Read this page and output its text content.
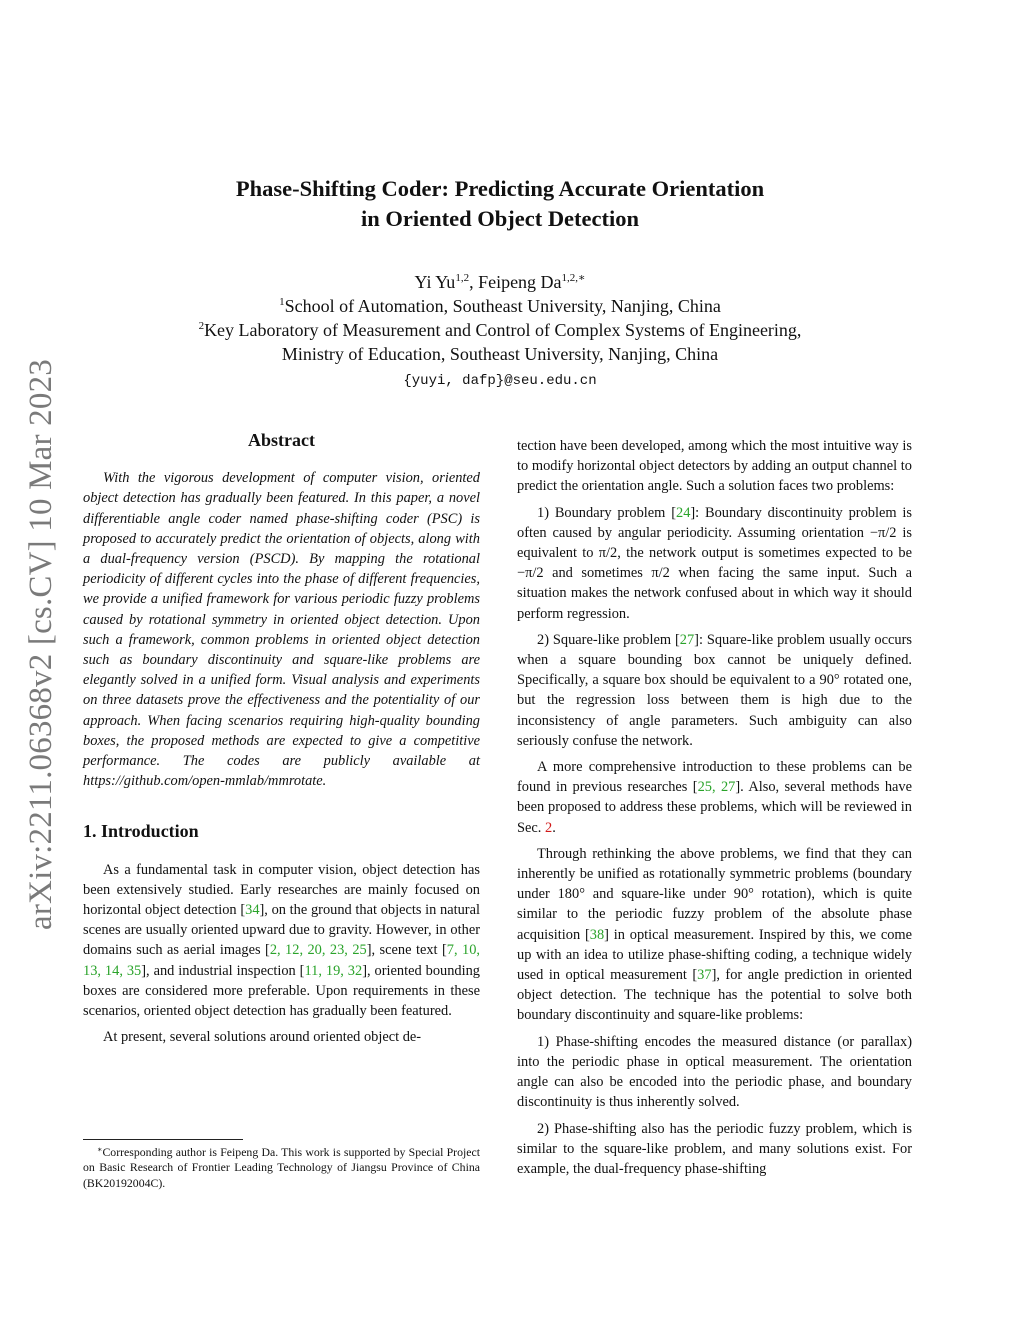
arXiv:2211.06368v2 [cs.CV] 10 Mar 2023
Phase-Shifting Coder: Predicting Accurate Orientation
in Oriented Object Detection
Yi Yu$^{1,2}$, Feipeng $Da^{1,2,∗}$
$^1$School of Automation, Southeast University, Nanjing, China
$^2$Key Laboratory of Measurement and Control of Complex Systems of Engineering,
Ministry of Education, Southeast University, Nanjing, China
{yuyi, dafp}@seu.edu.cn
Abstract

With the vigorous development of computer vision, oriented object detection has gradually been featured. In this paper, a novel differentiable angle coder named phase-shifting coder (PSC) is proposed to accurately predict the orientation of objects, along with a dual-frequency version (PSCD). By mapping the rotational periodicity of different cycles into the phase of different frequencies, we provide a unified framework for various periodic fuzzy problems caused by rotational symmetry in oriented object detection. Upon such a framework, common problems in oriented object detection such as boundary discontinuity and square-like problems are elegantly solved in a unified form. Visual analysis and experiments on three datasets prove the effectiveness and the potentiality of our approach. When facing scenarios requiring high-quality bounding boxes, the proposed methods are expected to give a competitive performance. The codes are publicly available at https://github.com/open-mmlab/mmrotate.

1. Introduction

As a fundamental task in computer vision, object detection has been extensively studied. Early researches are mainly focused on horizontal object detection [34], on the ground that objects in natural scenes are usually oriented upward due to gravity. However, in other domains such as aerial images [2, 12, 20, 23, 25], scene text [7, 10, 13, 14, 35], and industrial inspection [11, 19, 32], oriented bounding boxes are considered more preferable. Upon requirements in these scenarios, oriented object detection has gradually been featured.

At present, several solutions around oriented object de-

∗Corresponding author is Feipeng Da. This work is supported by Special Project on Basic Research of Frontier Leading Technology of Jiangsu Province of China (BK20192004C).

tection have been developed, among which the most intuitive way is to modify horizontal object detectors by adding an output channel to predict the orientation angle. Such a solution faces two problems:

1) Boundary problem [24]: Boundary discontinuity problem is often caused by angular periodicity. Assuming orientation −π/2 is equivalent to π/2, the network output is sometimes expected to be −π/2 and sometimes π/2 when facing the same input. Such a situation makes the network confused about in which way it should perform regression.

2) Square-like problem [27]: Square-like problem usually occurs when a square bounding box cannot be uniquely defined. Specifically, a square box should be equivalent to a 90° rotated one, but the regression loss between them is high due to the inconsistency of angle parameters. Such ambiguity can also seriously confuse the network.

A more comprehensive introduction to these problems can be found in previous researches [25, 27]. Also, several methods have been proposed to address these problems, which will be reviewed in Sec. 2.

Through rethinking the above problems, we find that they can inherently be unified as rotationally symmetric problems (boundary under 180° and square-like under 90° rotation), which is quite similar to the periodic fuzzy problem of the absolute phase acquisition [38] in optical measurement. Inspired by this, we come up with an idea to utilize phase-shifting coding, a technique widely used in optical measurement [37], for angle prediction in oriented object detection. The technique has the potential to solve both boundary discontinuity and square-like problems:

1) Phase-shifting encodes the measured distance (or parallax) into the periodic phase in optical measurement. The orientation angle can also be encoded into the periodic phase, and boundary discontinuity is thus inherently solved.

2) Phase-shifting also has the periodic fuzzy problem, which is similar to the square-like problem, and many solutions exist. For example, the dual-frequency phase-shifting
